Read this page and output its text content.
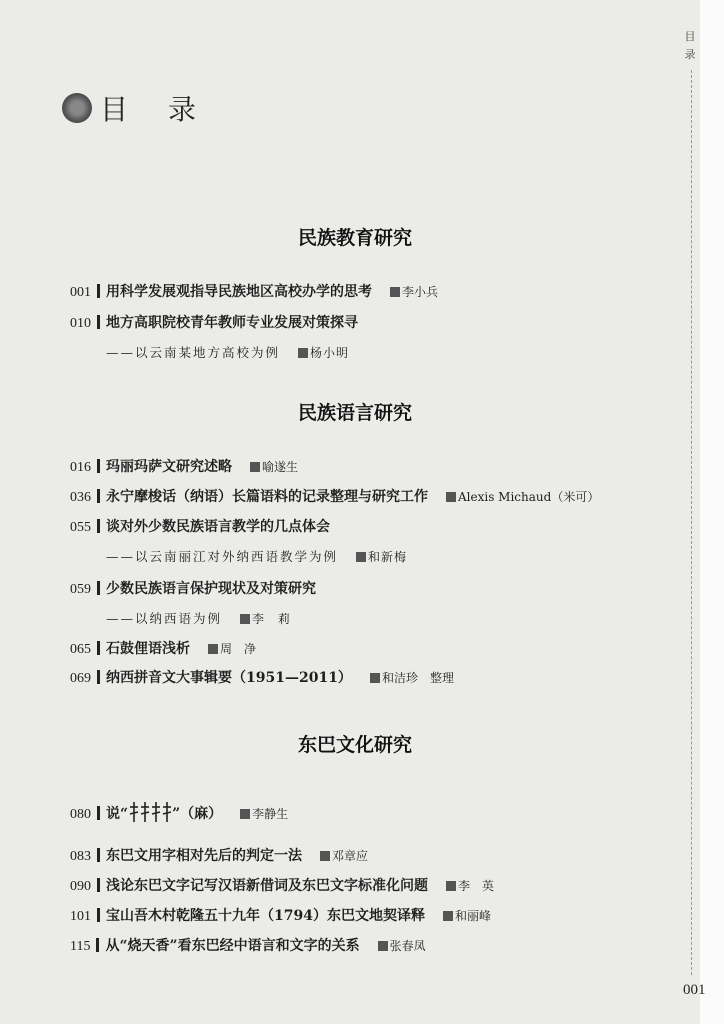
目录
001
目 录
民族教育研究
民族语言研究
东巴文化研究
001 用科学发展观指导民族地区高校办学的思考	李小兵
010 地方高职院校青年教师专业发展对策探寻
——以云南某地方高校为例	杨小明
016 玛丽玛萨文研究述略	喻遂生
036 永宁摩梭话（纳语）长篇语料的记录整理与研究工作	Alexis Michaud（米可）
055 谈对外少数民族语言教学的几点体会
——以云南丽江对外纳西语教学为例	和新梅
059 少数民族语言保护现状及对策研究
——以纳西语为例	李　莉
065 石鼓俚语浅析	周　净
069 纳西拼音文大事辑要（1951—2011）	和洁珍　整理
080 说“	”（麻）	李静生
083 东巴文用字相对先后的判定一法	邓章应
090 浅论东巴文字记写汉语新借词及东巴文字标准化问题	李　英
101 宝山吾木村乾隆五十九年（1794）东巴文地契译释	和丽峰
115 从“烧天香”看东巴经中语言和文字的关系	张春凤
